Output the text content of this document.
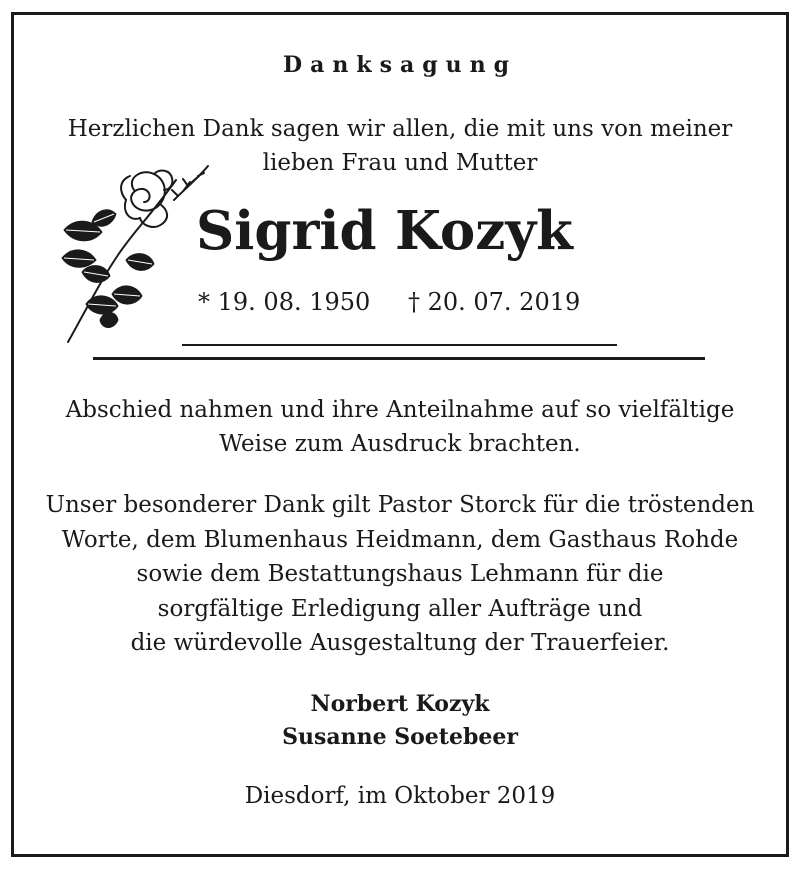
Danksagung
Herzlichen Dank sagen wir allen, die mit uns von meiner
lieben Frau und Mutter
Sigrid Kozyk
* 19. 08. 1950 † 20. 07. 2019
Abschied nahmen und ihre Anteilnahme auf so vielfältige
Weise zum Ausdruck brachten.
Unser besonderer Dank gilt Pastor Storck für die tröstenden
Worte, dem Blumenhaus Heidmann, dem Gasthaus Rohde
sowie dem Bestattungshaus Lehmann für die
sorgfältige Erledigung aller Aufträge und
die würdevolle Ausgestaltung der Trauerfeier.
Norbert Kozyk
Susanne Soetebeer
Diesdorf, im Oktober 2019
